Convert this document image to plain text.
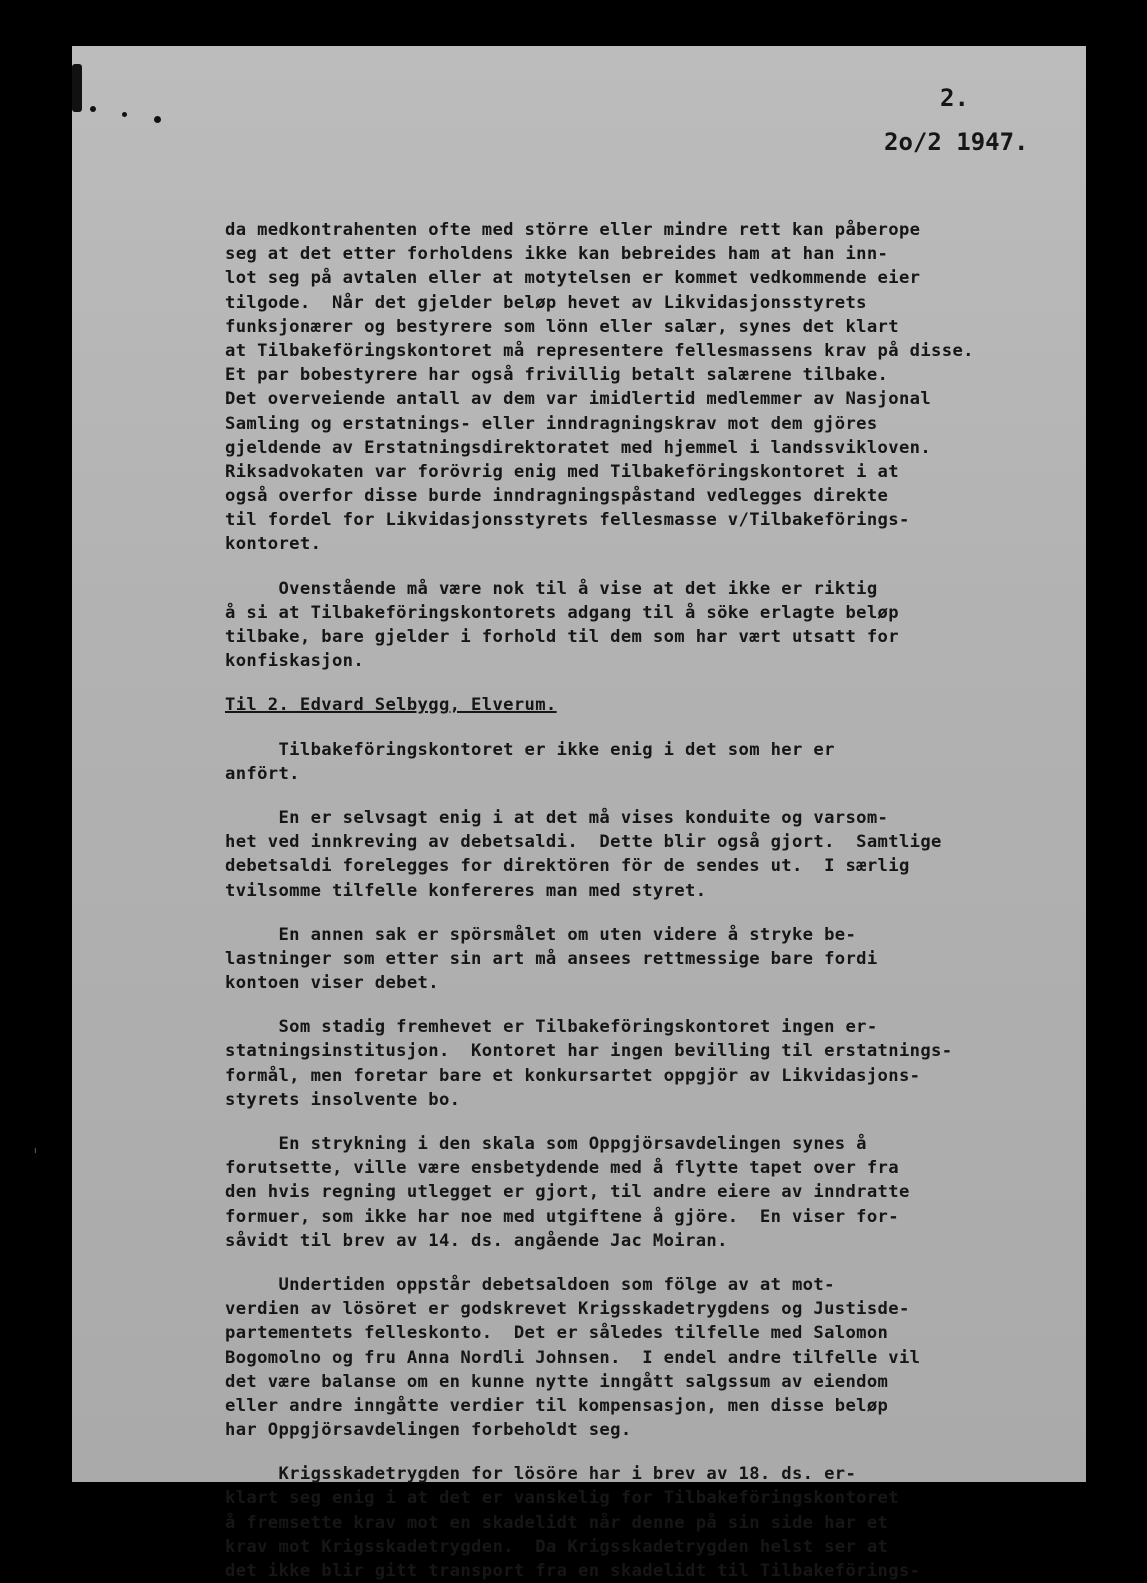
2.
2o/2 1947.
da medkontrahenten ofte med större eller mindre rett kan påberope
seg at det etter forholdens ikke kan bebreides ham at han inn-
lot seg på avtalen eller at motytelsen er kommet vedkommende eier
tilgode.  Når det gjelder beløp hevet av Likvidasjonsstyrets
funksjonærer og bestyrere som lönn eller salær, synes det klart
at Tilbakeföringskontoret må representere fellesmassens krav på disse.
Et par bobestyrere har også frivillig betalt salærene tilbake.
Det overveiende antall av dem var imidlertid medlemmer av Nasjonal
Samling og erstatnings- eller inndragningskrav mot dem gjöres
gjeldende av Erstatningsdirektoratet med hjemmel i landssvikloven.
Riksadvokaten var forövrig enig med Tilbakeföringskontoret i at
også overfor disse burde inndragningspåstand vedlegges direkte
til fordel for Likvidasjonsstyrets fellesmasse v/Tilbakeförings-
kontoret.
Ovenstående må være nok til å vise at det ikke er riktig
å si at Tilbakeföringskontorets adgang til å söke erlagte beløp
tilbake, bare gjelder i forhold til dem som har vært utsatt for
konfiskasjon.
Til 2. Edvard Selbygg, Elverum.
Tilbakeföringskontoret er ikke enig i det som her er
anfört.
En er selvsagt enig i at det må vises konduite og varsom-
het ved innkreving av debetsaldi.  Dette blir også gjort.  Samtlige
debetsaldi forelegges for direktören för de sendes ut.  I særlig
tvilsomme tilfelle konfereres man med styret.
En annen sak er spörsmålet om uten videre å stryke be-
lastninger som etter sin art må ansees rettmessige bare fordi
kontoen viser debet.
Som stadig fremhevet er Tilbakeföringskontoret ingen er-
statningsinstitusjon.  Kontoret har ingen bevilling til erstatnings-
formål, men foretar bare et konkursartet oppgjör av Likvidasjons-
styrets insolvente bo.
En strykning i den skala som Oppgjörsavdelingen synes å
forutsette, ville være ensbetydende med å flytte tapet over fra
den hvis regning utlegget er gjort, til andre eiere av inndratte
formuer, som ikke har noe med utgiftene å gjöre.  En viser for-
såvidt til brev av 14. ds. angående Jac Moiran.
Undertiden oppstår debetsaldoen som fölge av at mot-
verdien av lösöret er godskrevet Krigsskadetrygdens og Justisde-
partementets felleskonto.  Det er således tilfelle med Salomon
Bogomolno og fru Anna Nordli Johnsen.  I endel andre tilfelle vil
det være balanse om en kunne nytte inngått salgssum av eiendom
eller andre inngåtte verdier til kompensasjon, men disse beløp
har Oppgjörsavdelingen forbeholdt seg.
Krigsskadetrygden for lösöre har i brev av 18. ds. er-
klart seg enig i at det er vanskelig for Tilbakeföringskontoret
å fremsette krav mot en skadelidt når denne på sin side har et
krav mot Krigsskadetrygden.  Da Krigsskadetrygden helst ser at
det ikke blir gitt transport fra en skadelidt til Tilbakeförings-
ı
